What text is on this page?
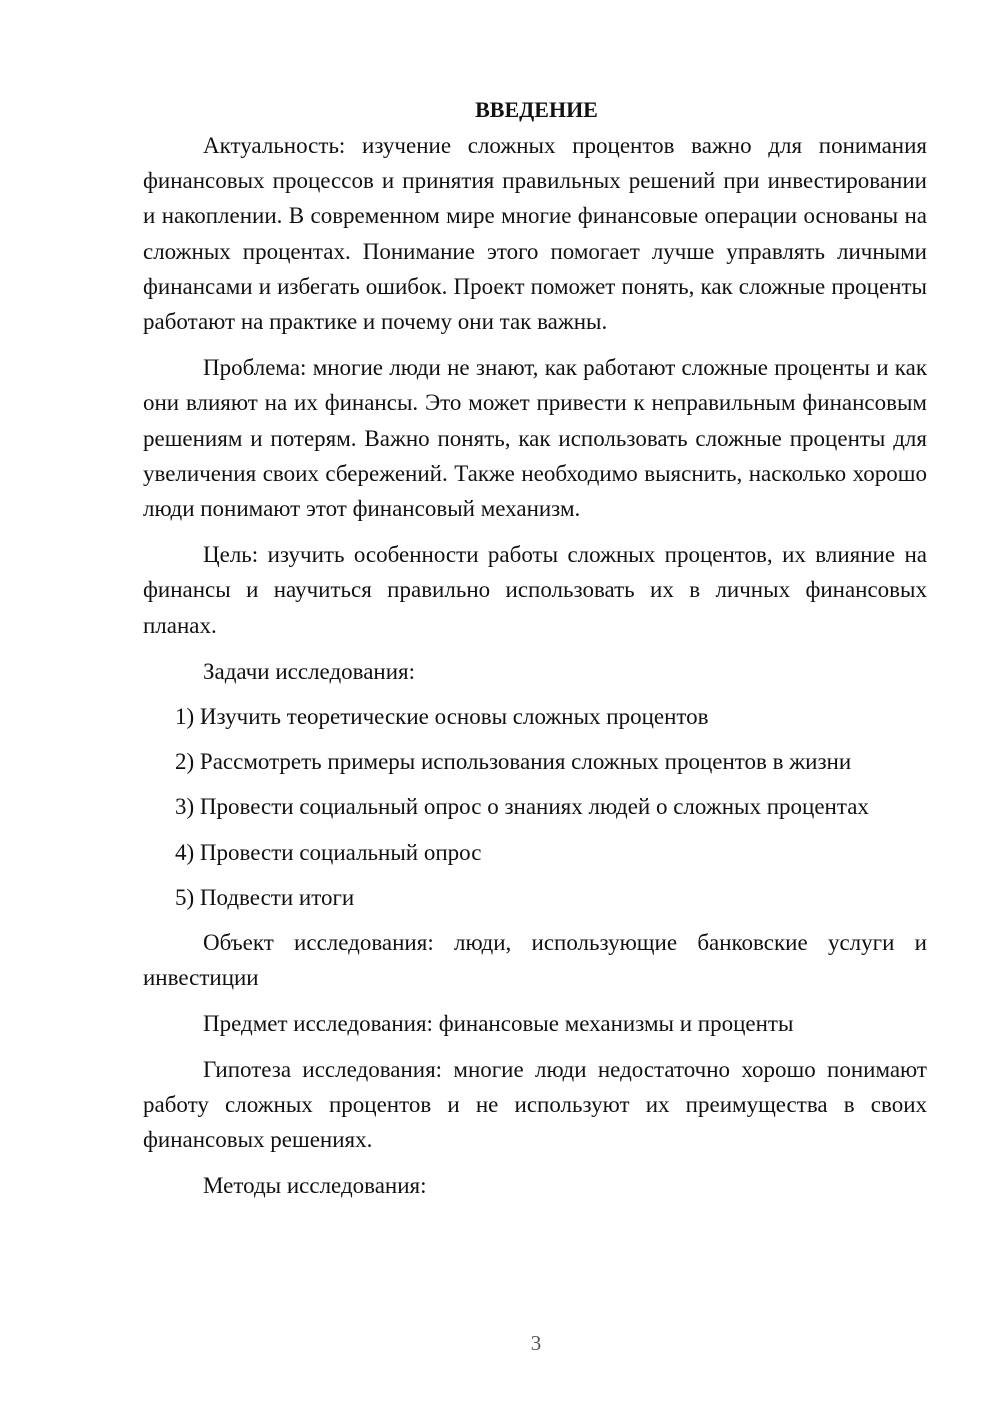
ВВЕДЕНИЕ

Актуальность: изучение сложных процентов важно для понимания финансовых процессов и принятия правильных решений при инвестировании и накоплении. В современном мире многие финансовые операции основаны на сложных процентах. Понимание этого помогает лучше управлять личными финансами и избегать ошибок. Проект поможет понять, как сложные проценты работают на практике и почему они так важны.

Проблема: многие люди не знают, как работают сложные проценты и как они влияют на их финансы. Это может привести к неправильным финансовым решениям и потерям. Важно понять, как использовать сложные проценты для увеличения своих сбережений. Также необходимо выяснить, насколько хорошо люди понимают этот финансовый механизм.

Цель: изучить особенности работы сложных процентов, их влияние на финансы и научиться правильно использовать их в личных финансовых планах.

Задачи исследования:

1) Изучить теоретические основы сложных процентов
2) Рассмотреть примеры использования сложных процентов в жизни
3) Провести социальный опрос о знаниях людей о сложных процентах
4) Провести социальный опрос
5) Подвести итоги

Объект исследования: люди, использующие банковские услуги и инвестиции

Предмет исследования: финансовые механизмы и проценты

Гипотеза исследования: многие люди недостаточно хорошо понимают работу сложных процентов и не используют их преимущества в своих финансовых решениях.

Методы исследования:

3
